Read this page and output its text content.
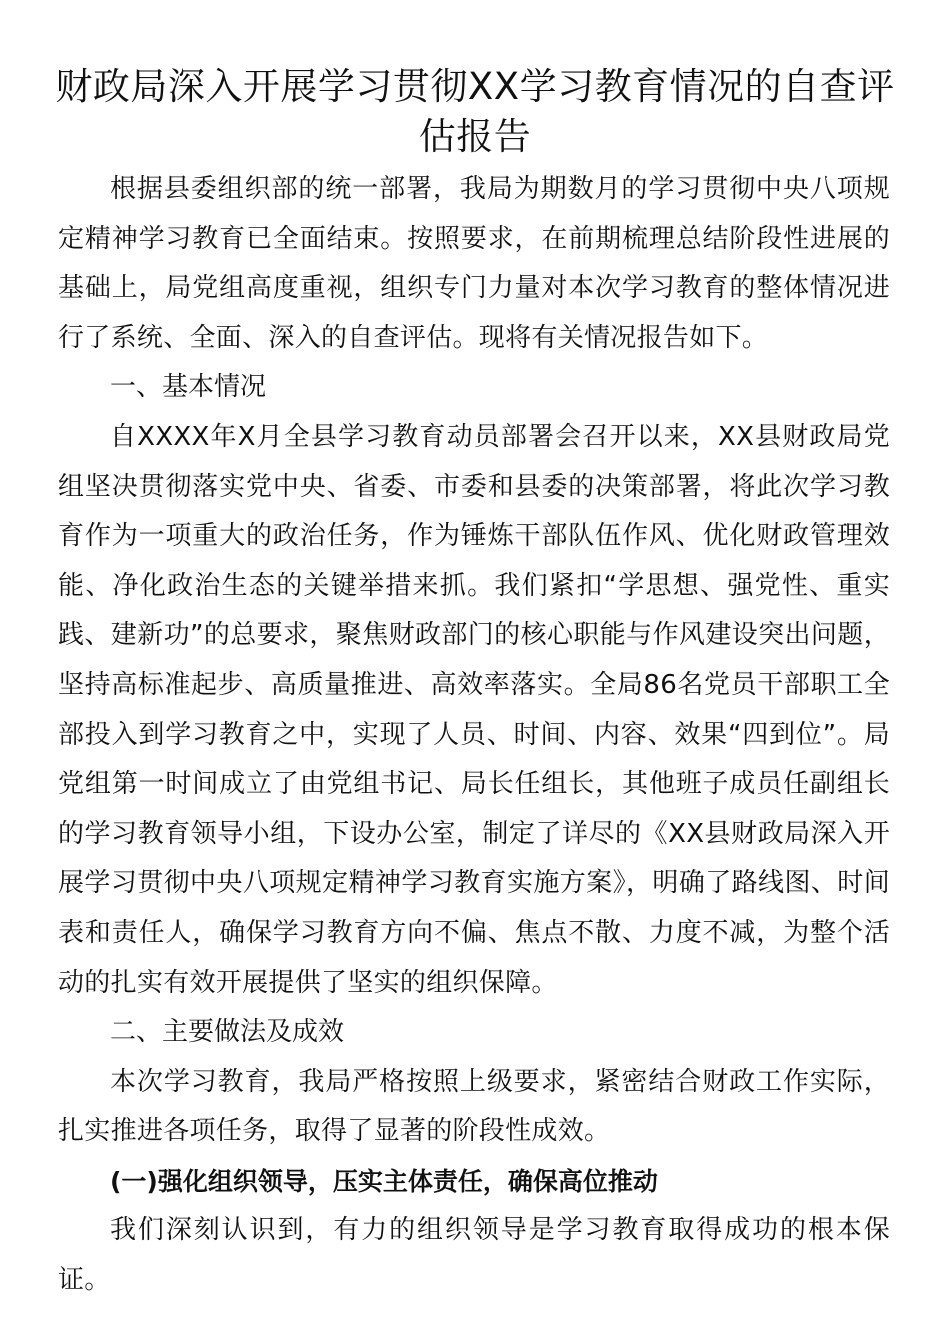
财政局深入开展学习贯彻XX学习教育情况的自查评估报告

根据县委组织部的统一部署，我局为期数月的学习贯彻中央八项规定精神学习教育已全面结束。按照要求，在前期梳理总结阶段性进展的基础上，局党组高度重视，组织专门力量对本次学习教育的整体情况进行了系统、全面、深入的自查评估。现将有关情况报告如下。

一、基本情况

自XXXX年X月全县学习教育动员部署会召开以来，XX县财政局党组坚决贯彻落实党中央、省委、市委和县委的决策部署，将此次学习教育作为一项重大的政治任务，作为锤炼干部队伍作风、优化财政管理效能、净化政治生态的关键举措来抓。我们紧扣“学思想、强党性、重实践、建新功”的总要求，聚焦财政部门的核心职能与作风建设突出问题，坚持高标准起步、高质量推进、高效率落实。全局86名党员干部职工全部投入到学习教育之中，实现了人员、时间、内容、效果“四到位”。局党组第一时间成立了由党组书记、局长任组长，其他班子成员任副组长的学习教育领导小组，下设办公室，制定了详尽的《XX县财政局深入开展学习贯彻中央八项规定精神学习教育实施方案》，明确了路线图、时间表和责任人，确保学习教育方向不偏、焦点不散、力度不减，为整个活动的扎实有效开展提供了坚实的组织保障。

二、主要做法及成效

本次学习教育，我局严格按照上级要求，紧密结合财政工作实际，扎实推进各项任务，取得了显著的阶段性成效。

(一)强化组织领导，压实主体责任，确保高位推动

我们深刻认识到，有力的组织领导是学习教育取得成功的根本保证。
